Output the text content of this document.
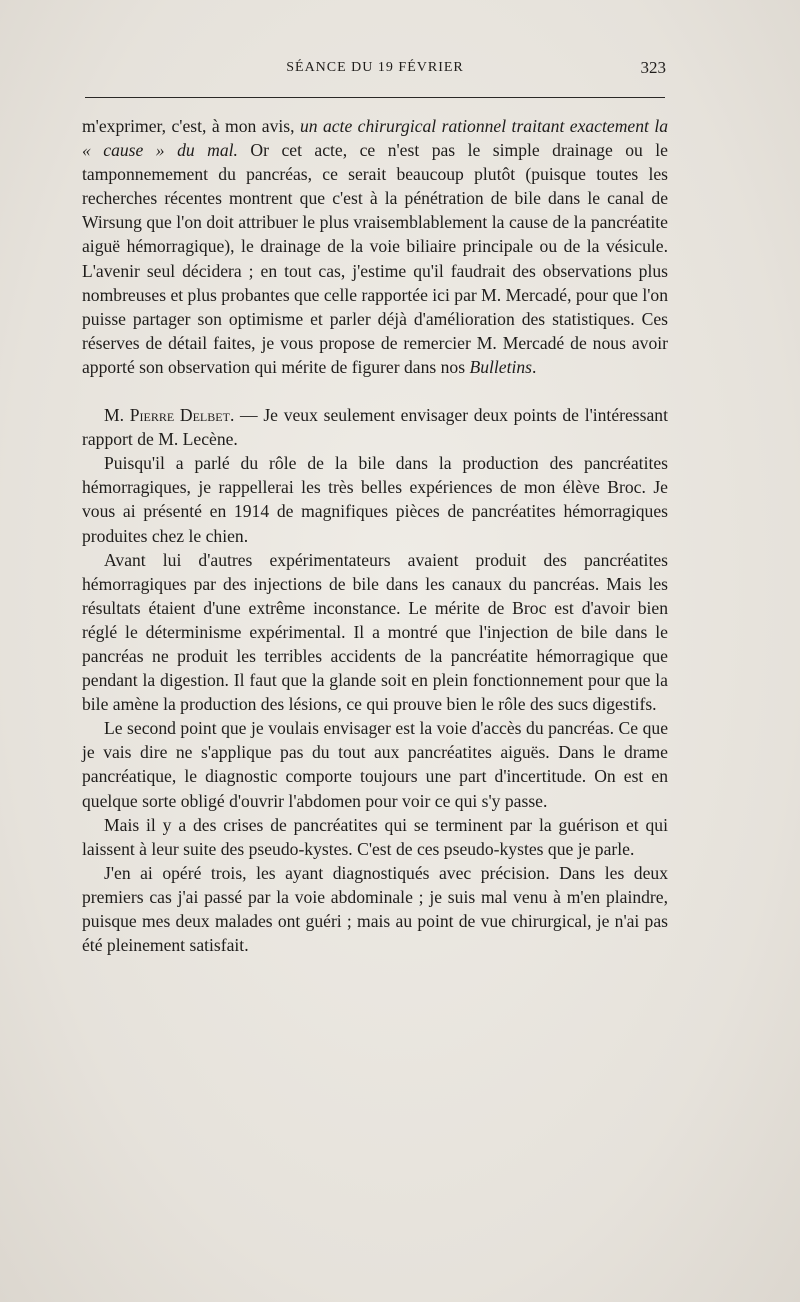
SÉANCE DU 19 FÉVRIER	323

m'exprimer, c'est, à mon avis, un acte chirurgical rationnel traitant exactement la « cause » du mal. Or cet acte, ce n'est pas le simple drainage ou le tamponnemement du pancréas, ce serait beaucoup plutôt (puisque toutes les recherches récentes montrent que c'est à la pénétration de bile dans le canal de Wirsung que l'on doit attribuer le plus vraisemblablement la cause de la pancréatite aiguë hémorragique), le drainage de la voie biliaire principale ou de la vésicule. L'avenir seul décidera ; en tout cas, j'estime qu'il faudrait des observations plus nombreuses et plus probantes que celle rapportée ici par M. Mercadé, pour que l'on puisse partager son optimisme et parler déjà d'amélioration des statistiques. Ces réserves de détail faites, je vous propose de remercier M. Mercadé de nous avoir apporté son observation qui mérite de figurer dans nos Bulletins.

M. Pierre Delbet. — Je veux seulement envisager deux points de l'intéressant rapport de M. Lecène.

Puisqu'il a parlé du rôle de la bile dans la production des pancréatites hémorragiques, je rappellerai les très belles expériences de mon élève Broc. Je vous ai présenté en 1914 de magnifiques pièces de pancréatites hémorragiques produites chez le chien.

Avant lui d'autres expérimentateurs avaient produit des pancréatites hémorragiques par des injections de bile dans les canaux du pancréas. Mais les résultats étaient d'une extrême inconstance. Le mérite de Broc est d'avoir bien réglé le déterminisme expérimental. Il a montré que l'injection de bile dans le pancréas ne produit les terribles accidents de la pancréatite hémorragique que pendant la digestion. Il faut que la glande soit en plein fonctionnement pour que la bile amène la production des lésions, ce qui prouve bien le rôle des sucs digestifs.

Le second point que je voulais envisager est la voie d'accès du pancréas. Ce que je vais dire ne s'applique pas du tout aux pancréatites aiguës. Dans le drame pancréatique, le diagnostic comporte toujours une part d'incertitude. On est en quelque sorte obligé d'ouvrir l'abdomen pour voir ce qui s'y passe.

Mais il y a des crises de pancréatites qui se terminent par la guérison et qui laissent à leur suite des pseudo-kystes. C'est de ces pseudo-kystes que je parle.

J'en ai opéré trois, les ayant diagnostiqués avec précision. Dans les deux premiers cas j'ai passé par la voie abdominale ; je suis mal venu à m'en plaindre, puisque mes deux malades ont guéri ; mais au point de vue chirurgical, je n'ai pas été pleinement satisfait.
